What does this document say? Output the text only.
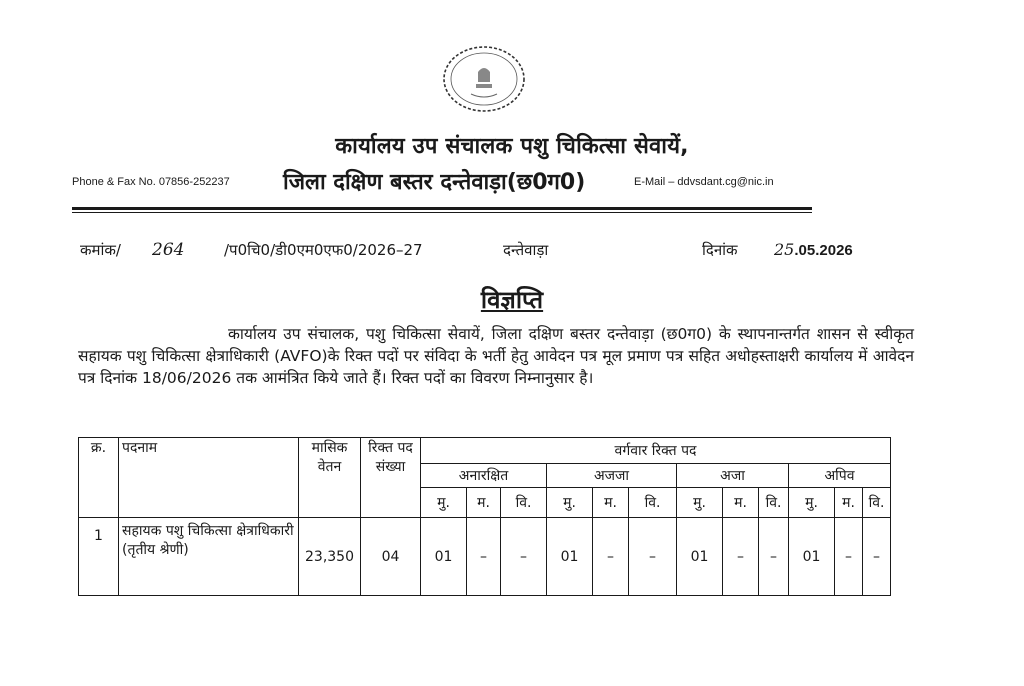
कार्यालय उप संचालक पशु चिकित्सा सेवायें,
Phone & Fax No. 07856-252237 जिला दक्षिण बस्तर दन्तेवाड़ा(छ0ग0)	E-Mail – ddvsdant.cg@nic.in
कमांक/ 264	/प0चि0/डी0एम0एफ0/2026–27	दन्तेवाड़ा	दिनांक 25.05.2026
विज्ञप्ति
कार्यालय उप संचालक, पशु चिकित्सा सेवायें, जिला दक्षिण बस्तर दन्तेवाड़ा (छ0ग0) के स्थापनान्तर्गत शासन से स्वीकृत सहायक पशु चिकित्सा क्षेत्राधिकारी (AVFO)के रिक्त पदों पर संविदा के भर्ती हेतु आवेदन पत्र मूल प्रमाण पत्र सहित अधोहस्ताक्षरी कार्यालय में आवेदन पत्र दिनांक 18/06/2026 तक आमंत्रित किये जाते हैं। रिक्त पदों का विवरण निम्नानुसार है।
क्र.	पदनाम	मासिक वेतन	रिक्त पद संख्या	वर्गवार रिक्त पद											
				अनारक्षित			अजजा			अजा			अपिव		
				मु.	म.	वि.	मु.	म.	वि.	मु.	म.	वि.	मु.	म.	वि.
1	सहायक पशु चिकित्सा क्षेत्राधिकारी (तृतीय श्रेणी)	23,350	04	01	–	–	01	–	–	01	–	–	01	–	–
